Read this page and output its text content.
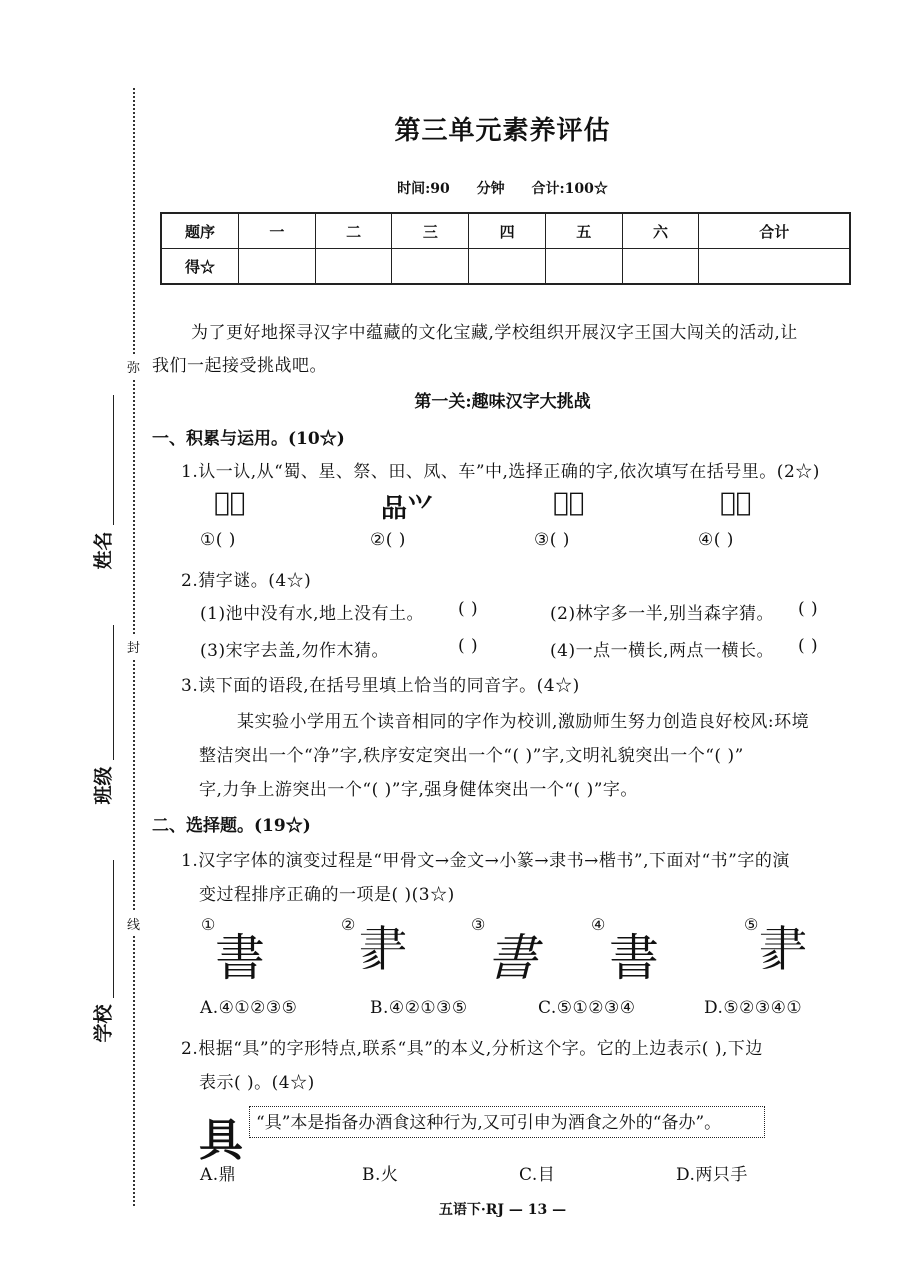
弥
封
线
姓名
班级
学校
第三单元素养评估
时间:90 分钟 合计:100☆
题序	一	二	三	四	五	六	合计
得☆							
为了更好地探寻汉字中蕴藏的文化宝藏,学校组织开展汉字王国大闯关的活动,让
我们一起接受挑战吧。
第一关:趣味汉字大挑战
一、积累与运用。(10☆)
1.认一认,从“蜀、星、祭、田、凤、车”中,选择正确的字,依次填写在括号里。(2☆)
𢀳𠂈	品⺍	𢀳𢇍	𢀳𢇍
①( )	②( )	③( )	④( )
2.猜字谜。(4☆)
(1)池中没有水,地上没有土。 ( )	(2)林字多一半,别当森字猜。 ( )
(3)宋字去盖,勿作木猜。	( )	(4)一点一横长,两点一横长。 ( )
3.读下面的语段,在括号里填上恰当的同音字。(4☆)
某实验小学用五个读音相同的字作为校训,激励师生努力创造良好校风:环境
整洁突出一个“净”字,秩序安定突出一个“( )”字,文明礼貌突出一个“( )”
字,力争上游突出一个“( )”字,强身健体突出一个“( )”字。
二、选择题。(19☆)
1.汉字字体的演变过程是“甲骨文→金文→小篆→隶书→楷书”,下面对“书”字的演
变过程排序正确的一项是( )(3☆)
①
書
② 𦘔	③
書
④
書
⑤ 𦘔
A.④①②③⑤	B.④②①③⑤	C.⑤①②③④	D.⑤②③④①
2.根据“具”的字形特点,联系“具”的本义,分析这个字。它的上边表示( ),下边
表示( )。(4☆)
具 “具”本是指备办酒食这种行为,又可引申为酒食之外的“备办”。
A.鼎	B.火	C.目	D.两只手
五语下·RJ — 13 —
